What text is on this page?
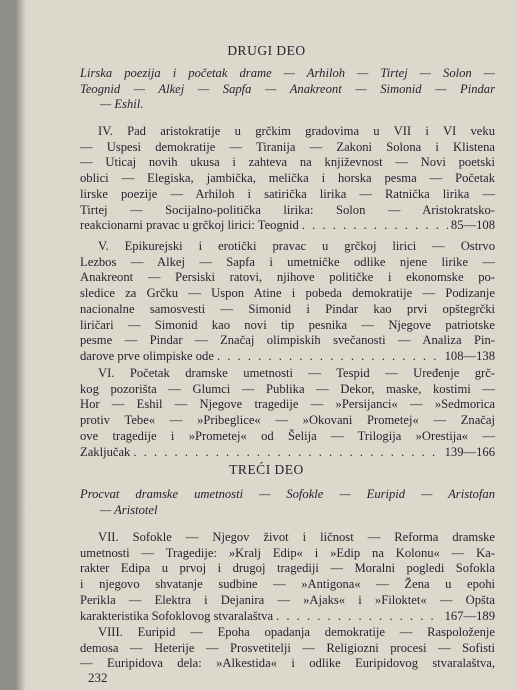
DRUGI DEO
Lirska poezija i početak drame — Arhiloh — Tirtej — Solon —
Teognid — Alkej — Sapfa — Anakreont — Simonid — Pindar
— Eshil.
IV. Pad aristokratije u grčkim gradovima u VII i VI veku
— Uspesi demokratije — Tiranija — Zakoni Solona i Klistena
— Uticaj novih ukusa i zahteva na književnost — Novi poetski
oblici — Elegiska, jambička, melička i horska pesma — Početak
lirske poezije — Arhiloh i satirička lirika — Ratnička lirika —
Tirtej — Socijalno-politička lirika: Solon — Aristokratsko-
reakcionarni pravac u grčkoj lirici: Teognid . . .	85—108
V. Epikurejski i erotički pravac u grčkoj lirici — Ostrvo
Lezbos — Alkej — Sapfa i umetničke odlike njene lirike —
Anakreont — Persiski ratovi, njihove političke i ekonomske po-
sledice za Grčku — Uspon Atine i pobeda demokratije — Podizanje
nacionalne samosvesti — Simonid i Pindar kao prvi opštegrčki
liričari — Simonid kao novi tip pesnika — Njegove patriotske
pesme — Pindar — Značaj olimpiskih svečanosti — Analiza Pin-
darove prve olimpiske ode . . .	108—138
VI. Početak dramske umetnosti — Tespid — Uređenje grč-
kog pozorišta — Glumci — Publika — Dekor, maske, kostimi —
Hor — Eshil — Njegove tragedije — »Persijanci« — »Sedmorica
protiv Tebe« — »Pribeglice« — »Okovani Prometej« — Značaj
ove tragedije i »Prometej« od Šelija — Trilogija »Orestija« —
Zaključak . . .	139—166
TREĆI DEO
Procvat dramske umetnosti — Sofokle — Euripid — Aristofan
— Aristotel
VII. Sofokle — Njegov život i ličnost — Reforma dramske
umetnosti — Tragedije: »Kralj Edip« i »Edip na Kolonu« — Ka-
rakter Edipa u prvoj i drugoj tragediji — Moralni pogledi Sofokla
i njegovo shvatanje sudbine — »Antigona« — Žena u epohi
Perikla — Elektra i Dejanira — »Ajaks« i »Filoktet« — Opšta
karakteristika Sofoklovog stvaralaštva . . .	167—189
VIII. Euripid — Epoha opadanja demokratije — Raspoloženje
demosa — Heterije — Prosvetitelji — Religiozni procesi — Sofisti
— Euripidova dela: »Alkestida« i odlike Euripidovog stvaralaštva,
232
